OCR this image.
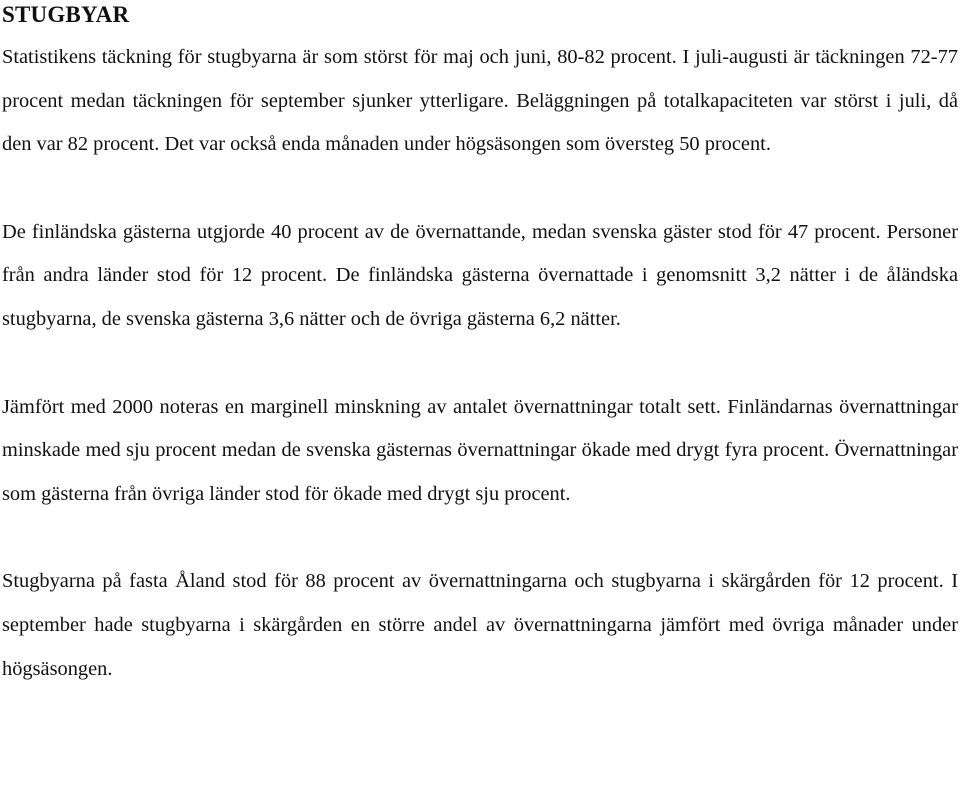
STUGBYAR

Statistikens täckning för stugbyarna är som störst för maj och juni, 80-82 procent. I juli-augusti är täckningen 72-77 procent medan täckningen för september sjunker ytterligare. Beläggningen på totalkapaciteten var störst i juli, då den var 82 procent. Det var också enda månaden under högsäsongen som översteg 50 procent.

De finländska gästerna utgjorde 40 procent av de övernattande, medan svenska gäster stod för 47 procent. Personer från andra länder stod för 12 procent. De finländska gästerna övernattade i genomsnitt 3,2 nätter i de åländska stugbyarna, de svenska gästerna 3,6 nätter och de övriga gästerna 6,2 nätter.

Jämfört med 2000 noteras en marginell minskning av antalet övernattningar totalt sett. Finländarnas övernattningar minskade med sju procent medan de svenska gästernas övernattningar ökade med drygt fyra procent. Övernattningar som gästerna från övriga länder stod för ökade med drygt sju procent.

Stugbyarna på fasta Åland stod för 88 procent av övernattningarna och stugbyarna i skärgården för 12 procent. I september hade stugbyarna i skärgården en större andel av övernattningarna jämfört med övriga månader under högsäsongen.
